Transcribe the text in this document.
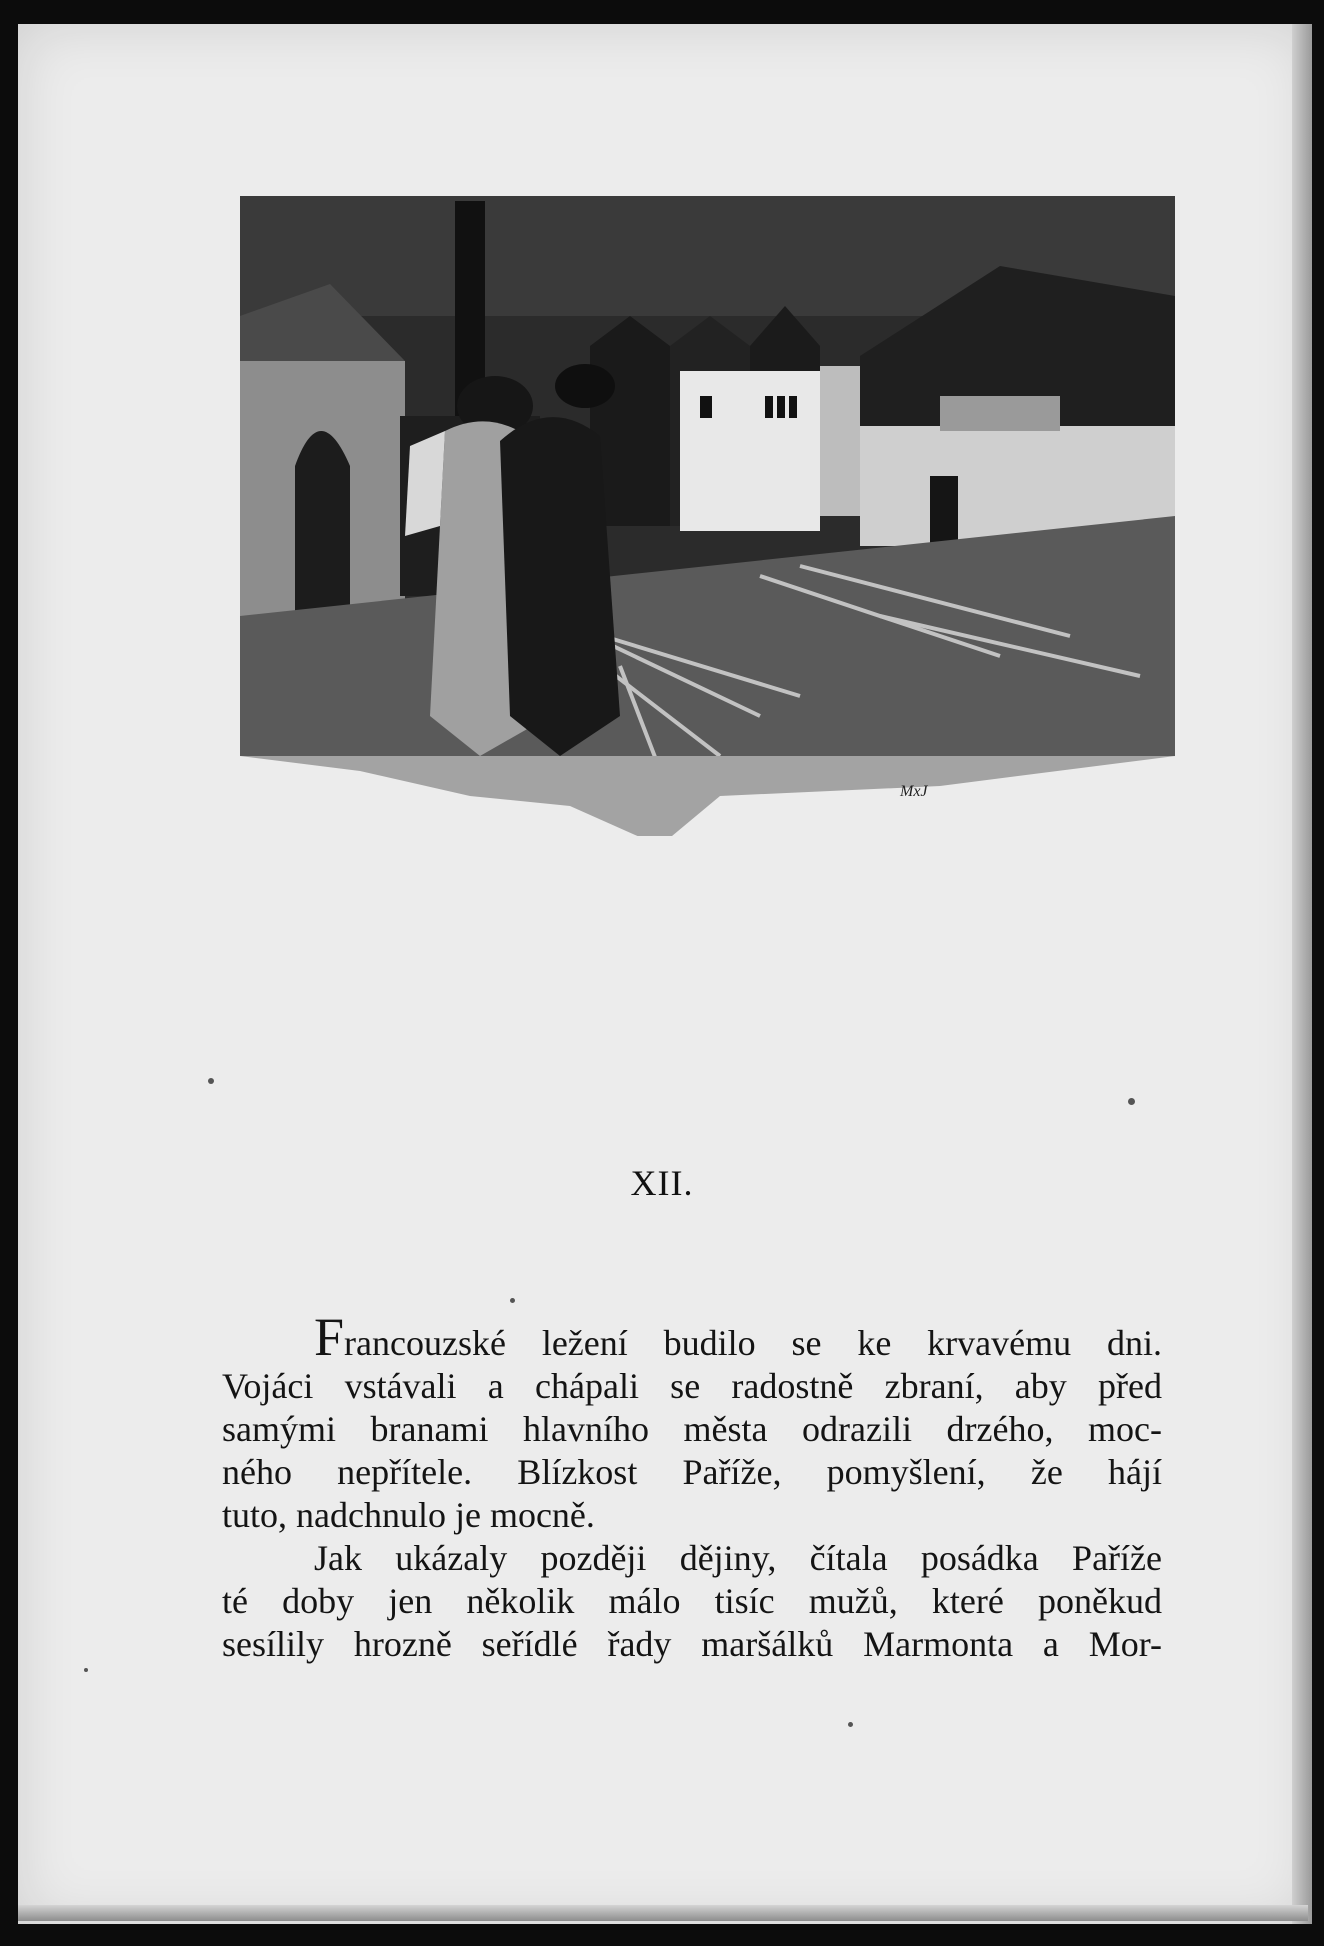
MxJ
XII.
Francouzské ležení budilo se ke krvavému dni.
Vojáci vstávali a chápali se radostně zbraní, aby před
samými branami hlavního města odrazili drzého, moc-
ného nepřítele. Blízkost Paříže, pomyšlení, že hájí
tuto, nadchnulo je mocně.
Jak ukázaly později dějiny, čítala posádka Paříže
té doby jen několik málo tisíc mužů, které poněkud
sesílily hrozně seřídlé řady maršálků Marmonta a Mor-
